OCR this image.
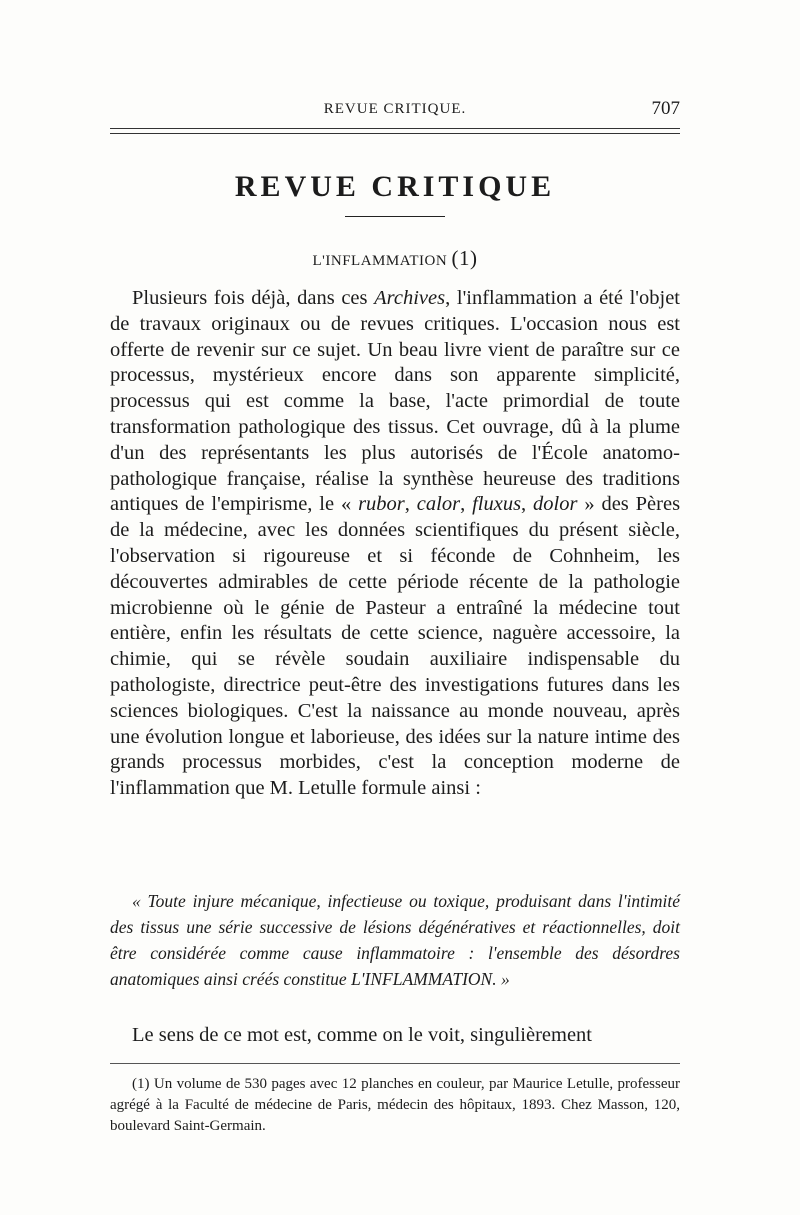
REVUE CRITIQUE.	707
REVUE CRITIQUE
L'INFLAMMATION (1)

Plusieurs fois déjà, dans ces Archives, l'inflammation a été l'objet de travaux originaux ou de revues critiques. L'occasion nous est offerte de revenir sur ce sujet. Un beau livre vient de paraître sur ce processus, mystérieux encore dans son apparente simplicité, processus qui est comme la base, l'acte primordial de toute transformation pathologique des tissus. Cet ouvrage, dû à la plume d'un des représentants les plus autorisés de l'École anatomo-pathologique française, réalise la synthèse heureuse des traditions antiques de l'empirisme, le « rubor, calor, fluxus, dolor » des Pères de la médecine, avec les données scientifiques du présent siècle, l'observation si rigoureuse et si féconde de Cohnheim, les découvertes admirables de cette période récente de la pathologie microbienne où le génie de Pasteur a entraîné la médecine tout entière, enfin les résultats de cette science, naguère accessoire, la chimie, qui se révèle soudain auxiliaire indispensable du pathologiste, directrice peut-être des investigations futures dans les sciences biologiques. C'est la naissance au monde nouveau, après une évolution longue et laborieuse, des idées sur la nature intime des grands processus morbides, c'est la conception moderne de l'inflammation que M. Letulle formule ainsi :

« Toute injure mécanique, infectieuse ou toxique, produisant dans l'intimité des tissus une série successive de lésions dégénératives et réactionnelles, doit être considérée comme cause inflammatoire : l'ensemble des désordres anatomiques ainsi créés constitue L'INFLAMMATION. »
Le sens de ce mot est, comme on le voit, singulièrement
(1) Un volume de 530 pages avec 12 planches en couleur, par Maurice Letulle, professeur agrégé à la Faculté de médecine de Paris, médecin des hôpitaux, 1893. Chez Masson, 120, boulevard Saint-Germain.
